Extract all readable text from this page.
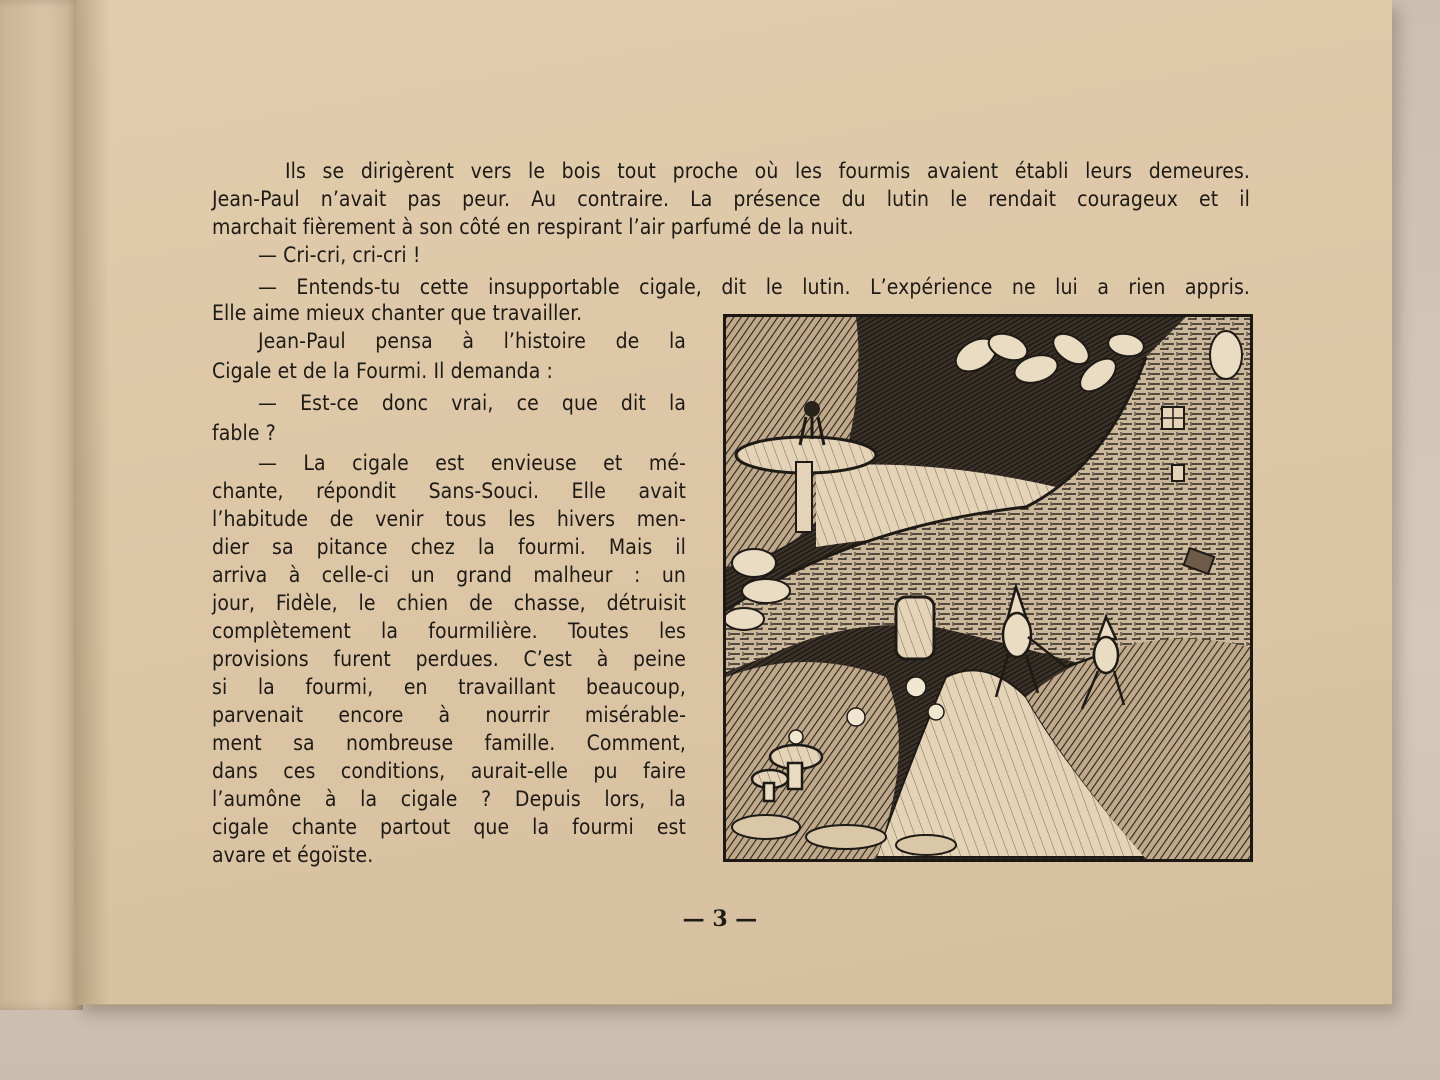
Ils se dirigèrent vers le bois tout proche où les fourmis avaient établi leurs demeures.
Jean-Paul n’avait pas peur. Au contraire. La présence du lutin le rendait courageux et il
marchait fièrement à son côté en respirant l’air parfumé de la nuit.
— Cri-cri, cri-cri !
— Entends-tu cette insupportable cigale, dit le lutin. L’expérience ne lui a rien appris.
Elle aime mieux chanter que travailler.
Jean-Paul pensa à l’histoire de la
Cigale et de la Fourmi. Il demanda :
— Est-ce donc vrai, ce que dit la
fable ?
— La cigale est envieuse et mé-
chante, répondit Sans-Souci. Elle avait
l’habitude de venir tous les hivers men-
dier sa pitance chez la fourmi. Mais il
arriva à celle-ci un grand malheur : un
jour, Fidèle, le chien de chasse, détruisit
complètement la fourmilière. Toutes les
provisions furent perdues. C’est à peine
si la fourmi, en travaillant beaucoup,
parvenait encore à nourrir misérable-
ment sa nombreuse famille. Comment,
dans ces conditions, aurait-elle pu faire
l’aumône à la cigale ? Depuis lors, la
cigale chante partout que la fourmi est
avare et égoïste.
— 3 —
